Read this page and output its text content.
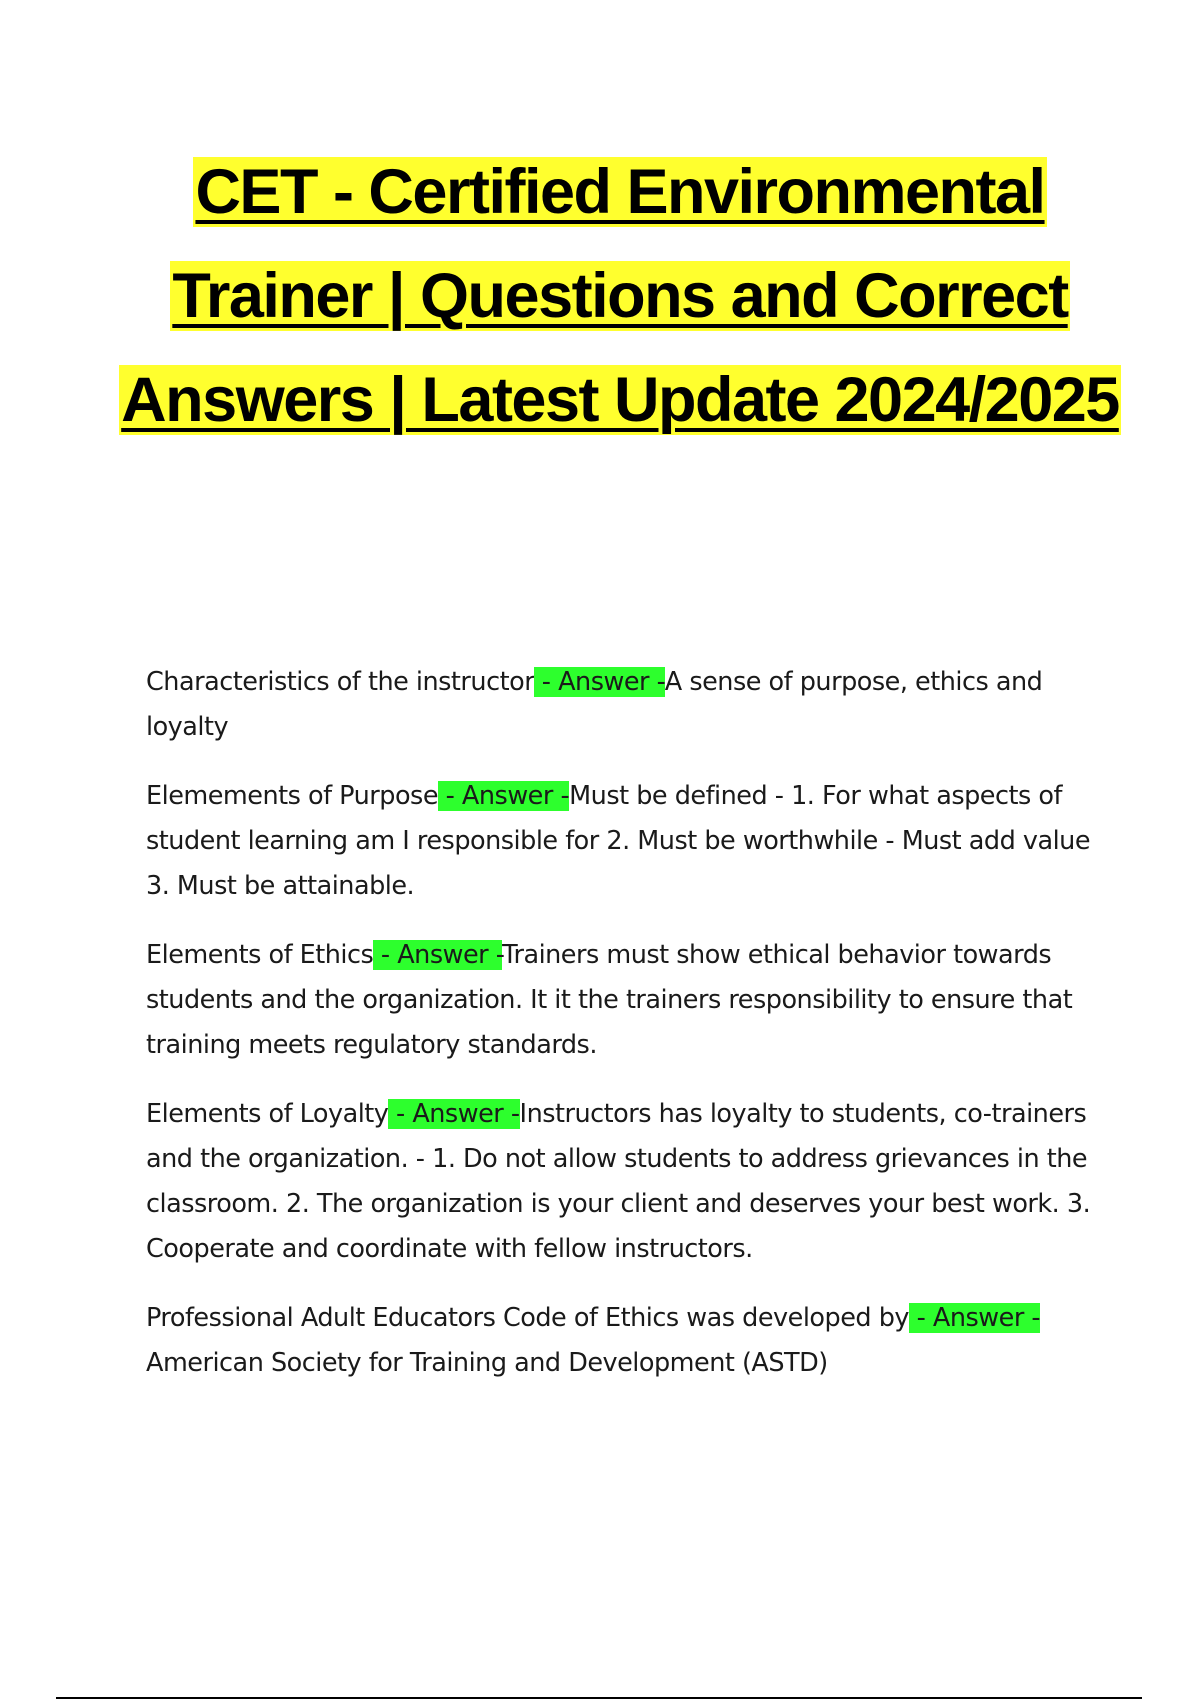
CET - Certified Environmental Trainer | Questions and Correct Answers | Latest Update 2024/2025

Characteristics of the instructor - Answer -A sense of purpose, ethics and loyalty

Elemements of Purpose - Answer -Must be defined - 1. For what aspects of student learning am I responsible for 2. Must be worthwhile - Must add value 3. Must be attainable.

Elements of Ethics - Answer -Trainers must show ethical behavior towards students and the organization. It it the trainers responsibility to ensure that training meets regulatory standards.

Elements of Loyalty - Answer -Instructors has loyalty to students, co-trainers and the organization. - 1. Do not allow students to address grievances in the classroom. 2. The organization is your client and deserves your best work. 3. Cooperate and coordinate with fellow instructors.

Professional Adult Educators Code of Ethics was developed by - Answer -American Society for Training and Development (ASTD)
